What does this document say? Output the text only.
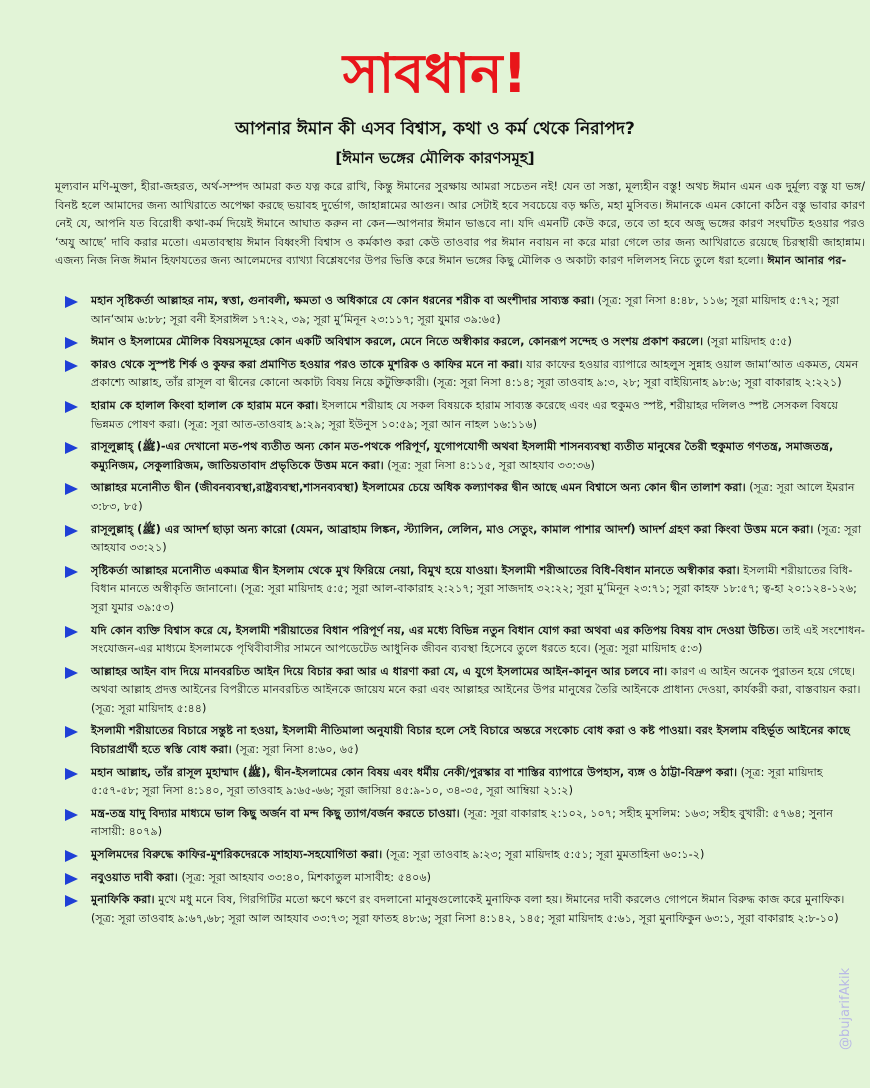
সাবধান!
আপনার ঈমান কী এসব বিশ্বাস, কথা ও কর্ম থেকে নিরাপদ?
[ঈমান ভঙ্গের মৌলিক কারণসমূহ]
মূল্যবান মণি-মুক্তা, হীরা-জহরত, অর্থ-সম্পদ আমরা কত যত্ন করে রাখি, কিন্তু ঈমানের সুরক্ষায় আমরা সচেতন নই! যেন তা সস্তা, মূল্যহীন বস্তু! অথচ ঈমান এমন এক দুর্মূল্য বস্তু যা ভঙ্গ/বিনষ্ট হলে আমাদের জন্য আখিরাতে অপেক্ষা করছে ভয়াবহ দুর্ভোগ, জাহান্নামের আগুন। আর সেটাই হবে সবচেয়ে বড় ক্ষতি, মহা মুসিবত। ঈমানকে এমন কোনো কঠিন বস্তু ভাবার কারণ নেই যে, আপনি যত বিরোধী কথা-কর্ম দিয়েই ঈমানে আঘাত করুন না কেন—আপনার ঈমান ভাঙবে না। যদি এমনটি কেউ করে, তবে তা হবে অজু ভঙ্গের কারণ সংঘটিত হওয়ার পরও ‘অযু আছে’ দাবি করার মতো। এমতাবস্থায় ঈমান বিধ্বংসী বিশ্বাস ও কর্মকাণ্ড করা কেউ তাওবার পর ঈমান নবায়ন না করে মারা গেলে তার জন্য আখিরাতে রয়েছে চিরস্থায়ী জাহান্নাম। এজন্য নিজ নিজ ঈমান হিফাযতের জন্য আলেমদের ব্যাখ্যা বিশ্লেষণের উপর ভিত্তি করে ঈমান ভঙ্গের কিছু মৌলিক ও অকাট্য কারণ দলিলসহ নিচে তুলে ধরা হলো। ঈমান আনার পর-
মহান সৃষ্টিকর্তা আল্লাহর নাম, স্বত্তা, গুনাবলী, ক্ষমতা ও অধিকারে যে কোন ধরনের শরীক বা অংশীদার সাব্যস্ত করা। (সূত্র: সূরা নিসা ৪:৪৮, ১১৬; সূরা মায়িদাহ ৫:৭২; সূরা আন‘আম ৬:৮৮; সূরা বনী ইসরাঈল ১৭:২২, ৩৯; সূরা মু’মিনূন ২৩:১১৭; সূরা যুমার ৩৯:৬৫)
ঈমান ও ইসলামের মৌলিক বিষয়সমূহের কোন একটি অবিশ্বাস করলে, মেনে নিতে অস্বীকার করলে, কোনরূপ সন্দেহ ও সংশয় প্রকাশ করলে। (সূরা মায়িদাহ ৫:৫)
কারও থেকে সুস্পষ্ট শির্ক ও কুফর করা প্রমাণিত হওয়ার পরও তাকে মুশরিক ও কাফির মনে না করা। যার কাফের হওয়ার ব্যাপারে আহলুস সুন্নাহ ওয়াল জামা‘আত একমত, যেমন প্রকাশ্যে আল্লাহ, তাঁর রাসূল বা দ্বীনের কোনো অকাট্য বিষয় নিয়ে কটুক্তিকারী। (সূত্র: সূরা নিসা ৪:১৪; সূরা তাওবাহ ৯:৩, ২৮; সূরা বাইয়্যিনাহ ৯৮:৬; সূরা বাকারাহ ২:২২১)
হারাম কে হালাল কিংবা হালাল কে হারাম মনে করা। ইসলামে শরীয়াহ যে সকল বিষয়কে হারাম সাব্যস্ত করেছে এবং এর হুকুমও স্পষ্ট, শরীয়াহর দলিলও স্পষ্ট সেসকল বিষয়ে ভিন্নমত পোষণ করা। (সূত্র: সূরা আত-তাওবাহ ৯:২৯; সূরা ইউনুস ১০:৫৯; সূরা আন নাহল ১৬:১১৬)
রাসূলুল্লাহ্ (ﷺ)-এর দেখানো মত-পথ ব্যতীত অন্য কোন মত-পথকে পরিপূর্ণ, যুগোপযোগী অথবা ইসলামী শাসনব্যবস্থা ব্যতীত মানুষের তৈরী হুকুমাত গণতন্ত্র, সমাজতন্ত্র, কম্যুনিজম, সেকুলারিজম, জাতিয়তাবাদ প্রভৃতিকে উত্তম মনে করা। (সূত্র: সূরা নিসা ৪:১১৫, সূরা আহযাব ৩৩:৩৬)
আল্লাহর মনোনীত দ্বীন (জীবনব্যবস্থা,রাষ্ট্রব্যবস্থা,শাসনব্যবস্থা) ইসলামের চেয়ে অধিক কল্যাণকর দ্বীন আছে এমন বিশ্বাসে অন্য কোন দ্বীন তালাশ করা। (সূত্র: সূরা আলে ইমরান ৩:৮৩, ৮৫)
রাসূলুল্লাহ্ (ﷺ) এর আদর্শ ছাড়া অন্য কারো (যেমন, আব্রাহাম লিঙ্কন, স্ট্যালিন, লেলিন, মাও সেতুং, কামাল পাশার আদর্শ) আদর্শ গ্রহণ করা কিংবা উত্তম মনে করা। (সূত্র: সূরা আহযাব ৩৩:২১)
সৃষ্টিকর্তা আল্লাহর মনোনীত একমাত্র দ্বীন ইসলাম থেকে মুখ ফিরিয়ে নেয়া, বিমুখ হয়ে যাওয়া। ইসলামী শরীআতের বিধি-বিধান মানতে অস্বীকার করা। ইসলামী শরীয়াতের বিধি-বিধান মানতে অস্বীকৃতি জানানো। (সূত্র: সূরা মায়িদাহ ৫:৫; সূরা আল-বাকারাহ ২:২১৭; সূরা সাজদাহ ৩২:২২; সূরা মু’মিনূন ২৩:৭১; সূরা কাহফ ১৮:৫৭; ত্ব-হা ২০:১২৪-১২৬; সূরা যুমার ৩৯:৫৩)
যদি কোন ব্যক্তি বিশ্বাস করে যে, ইসলামী শরীয়াতের বিধান পরিপূর্ণ নয়, এর মধ্যে বিভিন্ন নতুন বিধান যোগ করা অথবা এর কতিপয় বিষয় বাদ দেওয়া উচিত। তাই এই সংশোধন-সংযোজন-এর মাধ্যমে ইসলামকে পৃথিবীবাসীর সামনে আপডেটেড আধুনিক জীবন ব্যবস্থা হিসেবে তুলে ধরতে হবে। (সূত্র: সূরা মায়িদাহ ৫:৩)
আল্লাহর আইন বাদ দিয়ে মানবরচিত আইন দিয়ে বিচার করা আর এ ধারণা করা যে, এ যুগে ইসলামের আইন-কানুন আর চলবে না। কারণ এ আইন অনেক পুরাতন হয়ে গেছে। অথবা আল্লাহ প্রদত্ত আইনের বিপরীতে মানবরচিত আইনকে জায়েয মনে করা এবং আল্লাহর আইনের উপর মানুষের তৈরি আইনকে প্রাধান্য দেওয়া, কার্যকরী করা, বাস্তবায়ন করা। (সূত্র: সূরা মায়িদাহ ৫:৪৪)
ইসলামী শরীয়াতের বিচারে সন্তুষ্ট না হওয়া, ইসলামী নীতিমালা অনুযায়ী বিচার হলে সেই বিচারে অন্তরে সংকোচ বোধ করা ও কষ্ট পাওয়া। বরং ইসলাম বহির্ভূত আইনের কাছে বিচারপ্রার্থী হতে স্বস্তি বোধ করা। (সূত্র: সূরা নিসা ৪:৬০, ৬৫)
মহান আল্লাহ, তাঁর রাসূল মুহাম্মাদ (ﷺ), দ্বীন-ইসলামের কোন বিষয় এবং ধর্মীয় নেকী/পুরস্কার বা শাস্তির ব্যাপারে উপহাস, ব্যঙ্গ ও ঠাট্টা-বিদ্রুপ করা। (সূত্র: সূরা মায়িদাহ ৫:৫৭-৫৮; সূরা নিসা ৪:১৪০, সূরা তাওবাহ ৯:৬৫-৬৬; সূরা জাসিয়া ৪৫:৯-১০, ৩৪-৩৫, সূরা আম্বিয়া ২১:২)
মন্ত্র-তন্ত্র যাদু বিদ্যার মাধ্যমে ভাল কিছু অর্জন বা মন্দ কিছু ত্যাগ/বর্জন করতে চাওয়া। (সূত্র: সূরা বাকারাহ ২:১০২, ১০৭; সহীহ মুসলিম: ১৬৩; সহীহ বুখারী: ৫৭৬৪; সুনান নাসায়ী: ৪০৭৯)
মুসলিমদের বিরুদ্ধে কাফির-মুশরিকদেরকে সাহায্য-সহযোগিতা করা। (সূত্র: সূরা তাওবাহ ৯:২৩; সূরা মায়িদাহ ৫:৫১; সূরা মুমতাহিনা ৬০:১-২)
নবুওয়াত দাবী করা। (সূত্র: সূরা আহযাব ৩৩:৪০, মিশকাতুল মাসাবীহ: ৫৪০৬)
মুনাফিকি করা। মুখে মধু মনে বিষ, গিরগিটির মতো ক্ষণে ক্ষণে রং বদলানো মানুষগুলোকেই মুনাফিক বলা হয়। ঈমানের দাবী করলেও গোপনে ঈমান বিরুদ্ধ কাজ করে মুনাফিক। (সূত্র: সূরা তাওবাহ ৯:৬৭,৬৮; সূরা আল আহযাব ৩৩:৭৩; সূরা ফাতহ ৪৮:৬; সূরা নিসা ৪:১৪২, ১৪৫; সূরা মায়িদাহ ৫:৬১, সূরা মুনাফিকুন ৬৩:১, সূরা বাকারাহ ২:৮-১০)
@bujarifAkik
